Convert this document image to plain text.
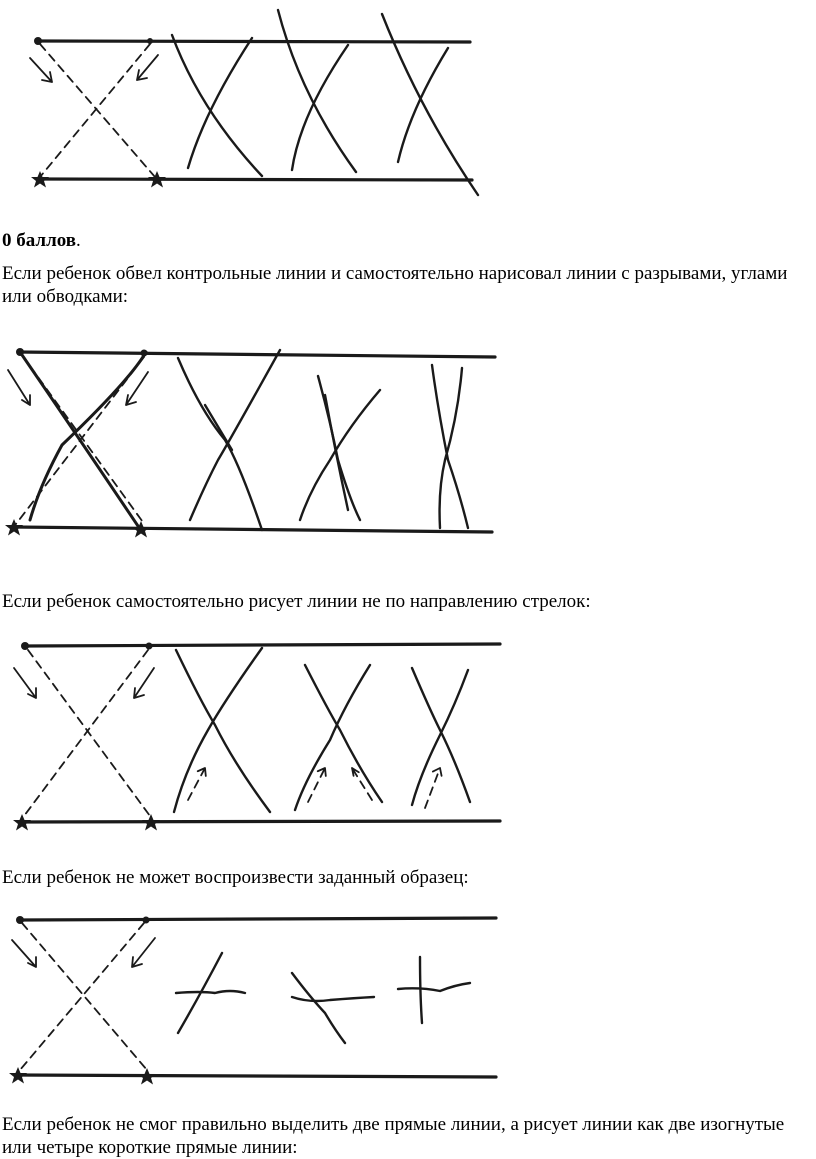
0 баллов.

Если ребенок обвел контрольные линии и самостоятельно нарисовал линии с разрывами, углами или обводками:

Если ребенок самостоятельно рисует линии не по направлению стрелок:

Если ребенок не может воспроизвести заданный образец:

Если ребенок не смог правильно выделить две прямые линии, а рисует линии как две изогнутые или четыре короткие прямые линии:
